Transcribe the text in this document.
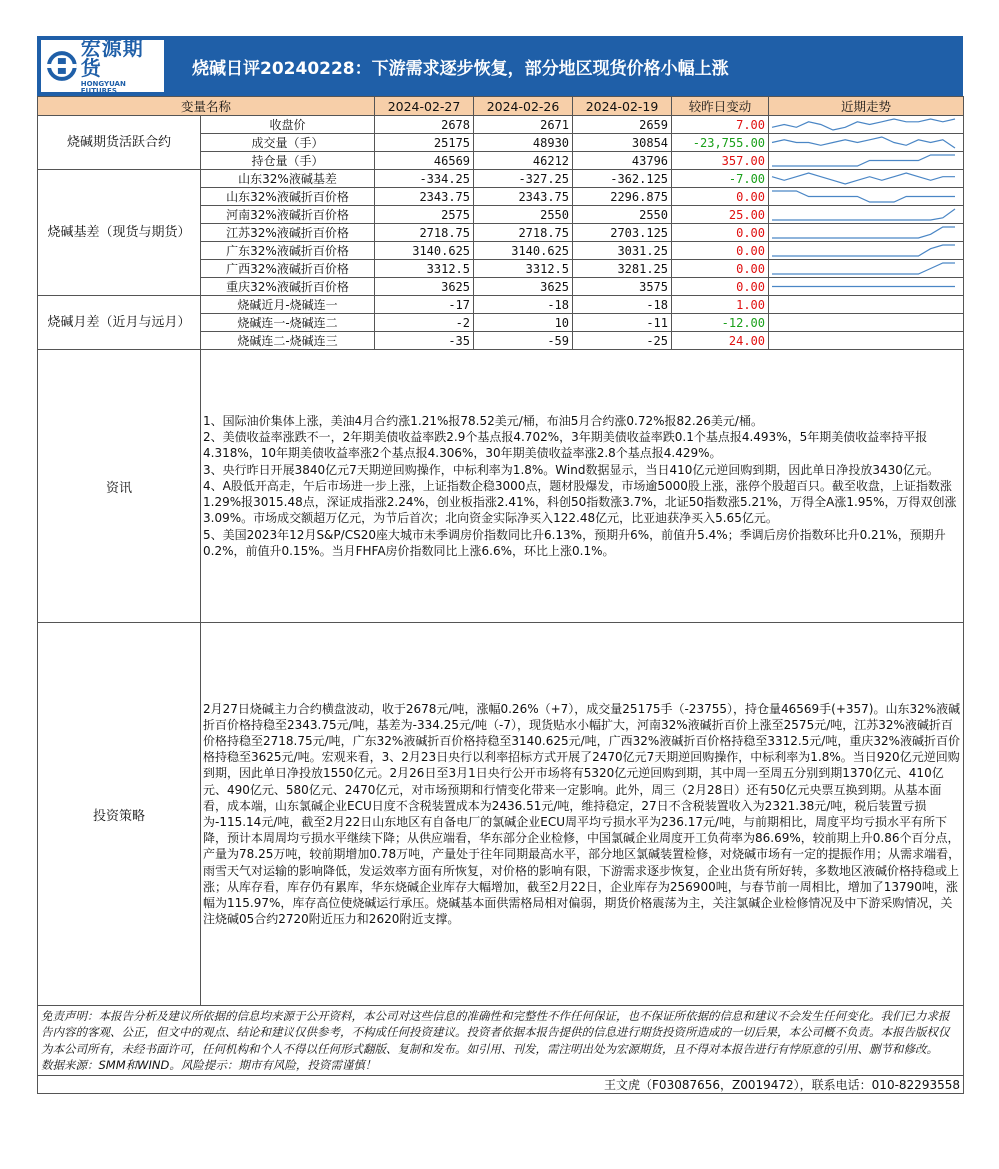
宏源期货
HONGYUAN FUTURES
烧碱日评20240228：下游需求逐步恢复，部分地区现货价格小幅上涨
变量名称		2024-02-27	2024-02-26	2024-02-19	较昨日变动	近期走势
烧碱期货活跃合约	收盘价	2678	2671	2659	7.00	

	成交量（手）	25175	48930	30854	-23,755.00	

	持仓量（手）	46569	46212	43796	357.00	

烧碱基差（现货与期货）	山东32%液碱基差	-334.25	-327.25	-362.125	-7.00	

	山东32%液碱折百价格	2343.75	2343.75	2296.875	0.00	

	河南32%液碱折百价格	2575	2550	2550	25.00	

	江苏32%液碱折百价格	2718.75	2718.75	2703.125	0.00	

	广东32%液碱折百价格	3140.625	3140.625	3031.25	0.00	

	广西32%液碱折百价格	3312.5	3312.5	3281.25	0.00	

	重庆32%液碱折百价格	3625	3625	3575	0.00	

烧碱月差（近月与远月）	烧碱近月-烧碱连一	-17	-18	-18	1.00	
	烧碱连一-烧碱连二	-2	10	-11	-12.00	
	烧碱连二-烧碱连三	-35	-59	-25	24.00	
资讯	1、国际油价集体上涨，美油4月合约涨1.21%报78.52美元/桶，布油5月合约涨0.72%报82.26美元/桶。

2、美债收益率涨跌不一，2年期美债收益率跌2.9个基点报4.702%，3年期美债收益率跌0.1个基点报4.493%，5年期美债收益率持平报4.318%，10年期美债收益率涨2个基点报4.306%，30年期美债收益率涨2.8个基点报4.429%。

3、央行昨日开展3840亿元7天期逆回购操作，中标利率为1.8%。Wind数据显示，当日410亿元逆回购到期，因此单日净投放3430亿元。

4、A股低开高走，午后市场进一步上涨，上证指数企稳3000点，题材股爆发，市场逾5000股上涨，涨停个股超百只。截至收盘，上证指数涨1.29%报3015.48点，深证成指涨2.24%，创业板指涨2.41%，科创50指数涨3.7%，北证50指数涨5.21%，万得全A涨1.95%，万得双创涨3.09%。市场成交额超万亿元，为节后首次；北向资金实际净买入122.48亿元，比亚迪获净买入5.65亿元。

5、美国2023年12月S&P/CS20座大城市未季调房价指数同比升6.13%，预期升6%，前值升5.4%；季调后房价指数环比升0.21%，预期升0.2%，前值升0.15%。当月FHFA房价指数同比上涨6.6%，环比上涨0.1%。

投资策略	2月27日烧碱主力合约横盘波动，收于2678元/吨，涨幅0.26%（+7），成交量25175手（-23755），持仓量46569手(+357)。山东32%液碱折百价格持稳至2343.75元/吨，基差为-334.25元/吨（-7），现货贴水小幅扩大，河南32%液碱折百价上涨至2575元/吨，江苏32%液碱折百价格持稳至2718.75元/吨，广东32%液碱折百价格持稳至3140.625元/吨，广西32%液碱折百价格持稳至3312.5元/吨，重庆32%液碱折百价格持稳至3625元/吨。宏观来看，3、2月23日央行以利率招标方式开展了2470亿元7天期逆回购操作，中标利率为1.8%。当日920亿元逆回购到期，因此单日净投放1550亿元。2月26日至3月1日央行公开市场将有5320亿元逆回购到期，其中周一至周五分别到期1370亿元、410亿元、490亿元、580亿元、2470亿元，对市场预期和行情变化带来一定影响。此外，周三（2月28日）还有50亿元央票互换到期。从基本面看，成本端，山东氯碱企业ECU日度不含税装置成本为2436.51元/吨，维持稳定，27日不含税装置收入为2321.38元/吨，税后装置亏损为-115.14元/吨，截至2月22日山东地区有自备电厂的氯碱企业ECU周平均亏损水平为236.17元/吨，与前期相比，周度平均亏损水平有所下降，预计本周周均亏损水平继续下降；从供应端看，华东部分企业检修，中国氯碱企业周度开工负荷率为86.69%，较前期上升0.86个百分点，产量为78.25万吨，较前期增加0.78万吨，产量处于往年同期最高水平，部分地区氯碱装置检修，对烧碱市场有一定的提振作用；从需求端看，雨雪天气对运输的影响降低，发运效率方面有所恢复，对价格的影响有限，下游需求逐步恢复，企业出货有所好转，多数地区液碱价格持稳或上涨；从库存看，库存仍有累库，华东烧碱企业库存大幅增加，截至2月22日，企业库存为256900吨，与春节前一周相比，增加了13790吨，涨幅为115.97%，库存高位使烧碱运行承压。烧碱基本面供需格局相对偏弱，期货价格震荡为主，关注氯碱企业检修情况及中下游采购情况，关注烧碱05合约2720附近压力和2620附近支撑。

免责声明：本报告分析及建议所依据的信息均来源于公开资料，本公司对这些信息的准确性和完整性不作任何保证，也不保证所依据的信息和建议不会发生任何变化。我们已力求报告内容的客观、公正，但文中的观点、结论和建议仅供参考，不构成任何投资建议。投资者依据本报告提供的信息进行期货投资所造成的一切后果，本公司概不负责。本报告版权仅为本公司所有，未经书面许可，任何机构和个人不得以任何形式翻版、复制和发布。如引用、刊发，需注明出处为宏源期货，且不得对本报告进行有悖原意的引用、删节和修改。
数据来源：SMM和WIND。风险提示：期市有风险，投资需谨慎！	

王文虎（F03087656，Z0019472），联系电话：010-82293558	
